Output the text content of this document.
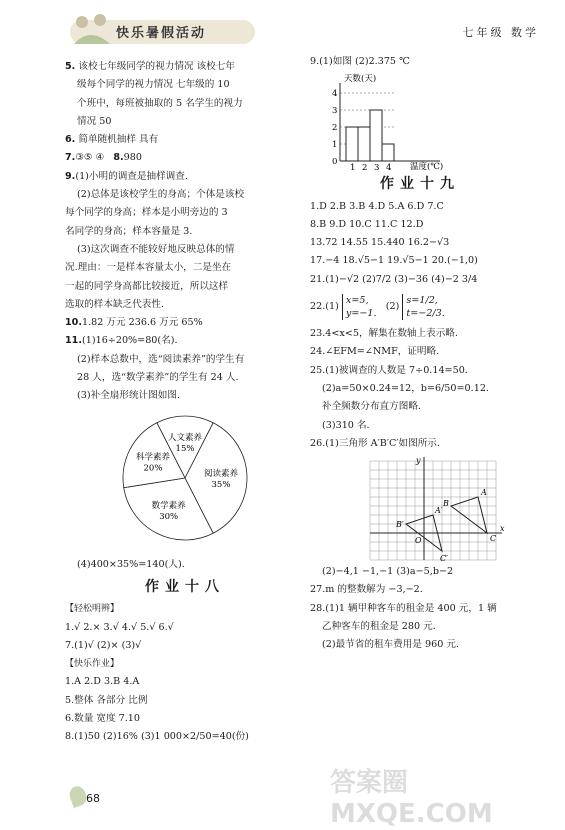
快乐暑假活动	七年级 数学
5. 该校七年级同学的视力情况 该校七年
级每个同学的视力情况 七年级的 10
个班中，每班被抽取的 5 名学生的视力
情况 50
6. 简单随机抽样 具有
7.③⑤ ④ 8.980
9.(1)小明的调查是抽样调查.
(2)总体是该校学生的身高；个体是该校
每个同学的身高；样本是小明旁边的 3
名同学的身高；样本容量是 3.
(3)这次调查不能较好地反映总体的情
况.理由：一是样本容量太小，二是坐在
一起的同学身高都比较接近，所以这样
选取的样本缺乏代表性.
10.1.82 万元 236.6 万元 65%
11.(1)16÷20%=80(名).
(2)样本总数中，选“阅读素养”的学生有
28 人，选“数学素养”的学生有 24 人.
(3)补全扇形统计图如图.
人文素养
15%
阅读素养
35%
数学素养
30%
科学素养
20%
(4)400×35%=140(人).
作业十八
【轻松明辨】
1.√ 2.× 3.√ 4.√ 5.√ 6.√
7.(1)√ (2)× (3)√
【快乐作业】
1.A 2.D 3.B 4.A
5.整体 各部分 比例
6.数量 宽度 7.10
8.(1)50 (2)16% (3)1 000×2/50=40(份)
9.(1)如图 (2)2.375 ℃
天数(天)
温度(℃)
4
3
2
1
0
1 2 3 4
作业十九
1.D 2.B 3.B 4.D 5.A 6.D 7.C
8.B 9.D 10.C 11.C 12.D
13.72 14.55 15.440 16.2−√3
17.−4 18.√5−1 19.√5−1 20.(−1,0)
21.(1)−√2 (2)7/2 (3)−36 (4)−2 3/4
22.(1) x=5,
y=−1.   (2) s=1/2,
t=−2/3.
23.4<x<5，解集在数轴上表示略.
24.∠EFM=∠NMF，证明略.
25.(1)被调查的人数是 7÷0.14=50.
(2)a=50×0.24=12，b=6/50=0.12.
补全频数分布直方图略.
(3)310 名.
26.(1)三角形 A′B′C′如图所示.
A
B
A′
B′
O	C
C′
x
y
(2)−4,1 −1,−1 (3)a−5,b−2
27.m 的整数解为 −3,−2.
28.(1)1 辆甲种客车的租金是 400 元，1 辆
乙种客车的租金是 280 元.
(2)最节省的租车费用是 960 元.
68
答案圈 MXQE.COM
